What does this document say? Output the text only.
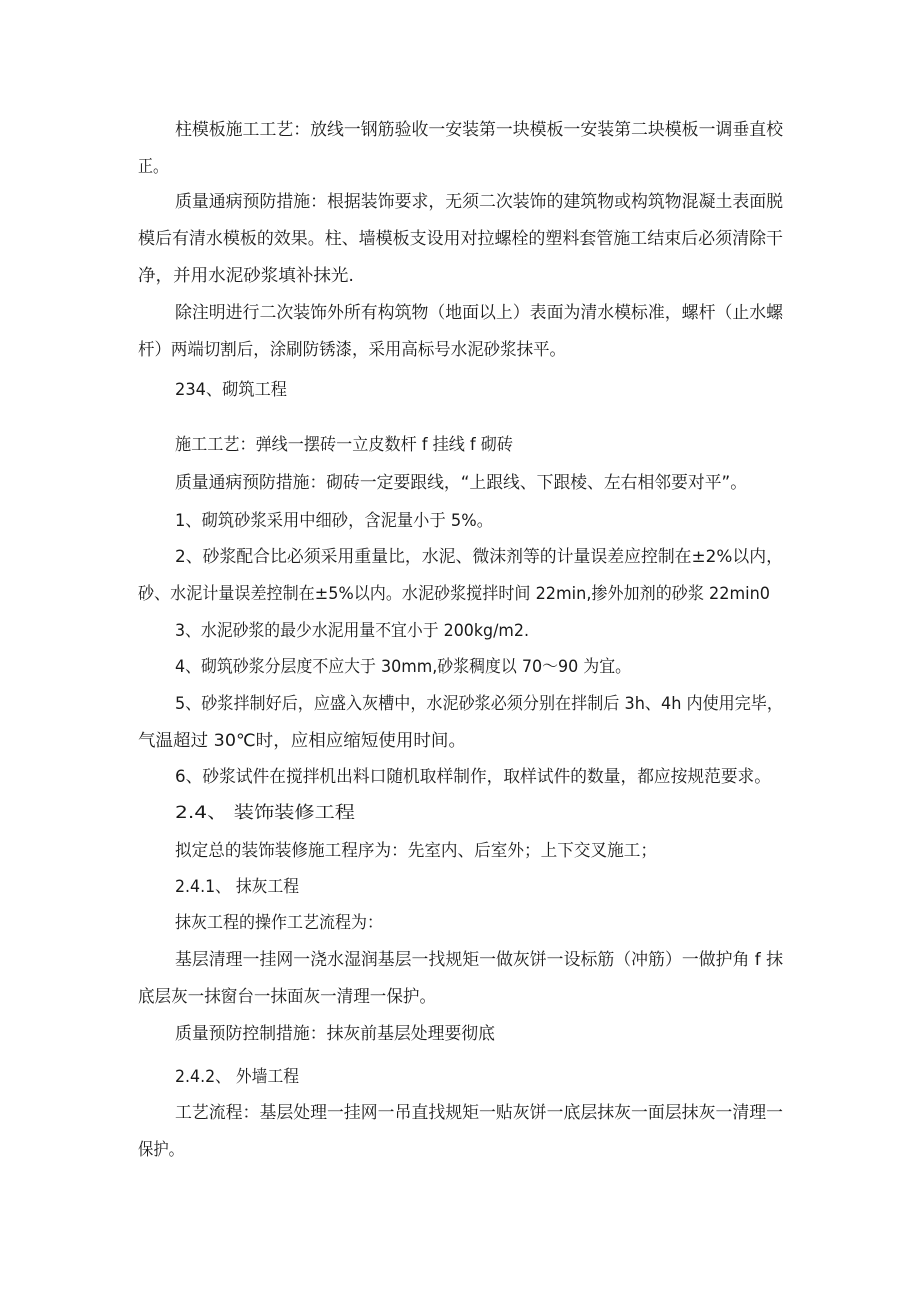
柱模板施工工艺：放线一钢筋验收一安装第一块模板一安装第二块模板一调垂直校
正。
质量通病预防措施：根据装饰要求，无须二次装饰的建筑物或构筑物混凝土表面脱
模后有清水模板的效果。柱、墙模板支设用对拉螺栓的塑料套管施工结束后必须清除干
净，并用水泥砂浆填补抹光.
除注明进行二次装饰外所有构筑物（地面以上）表面为清水模标准，螺杆（止水螺
杆）两端切割后，涂刷防锈漆，采用高标号水泥砂浆抹平。
234、砌筑工程
施工工艺：弹线一摆砖一立皮数杆 f 挂线 f 砌砖
质量通病预防措施：砌砖一定要跟线，“上跟线、下跟棱、左右相邻要对平”。
1、砌筑砂浆采用中细砂，含泥量小于 5%。
2、砂浆配合比必须采用重量比，水泥、微沫剂等的计量误差应控制在±2%以内，
砂、水泥计量误差控制在±5%以内。水泥砂浆搅拌时间 22min,掺外加剂的砂浆 22min0
3、水泥砂浆的最少水泥用量不宜小于 200kg∕m2.
4、砌筑砂浆分层度不应大于 30mm,砂浆稠度以 70～90 为宜。
5、砂浆拌制好后，应盛入灰槽中，水泥砂浆必须分别在拌制后 3h、4h 内使用完毕，
气温超过 30℃时，应相应缩短使用时间。
6、砂浆试件在搅拌机出料口随机取样制作，取样试件的数量，都应按规范要求。
2.4、 装饰装修工程
拟定总的装饰装修施工程序为：先室内、后室外；上下交叉施工；
2.4.1、 抹灰工程
抹灰工程的操作工艺流程为：
基层清理一挂网一浇水湿润基层一找规矩一做灰饼一设标筋（冲筋）一做护角 f 抹
底层灰一抹窗台一抹面灰一清理一保护。
质量预防控制措施：抹灰前基层处理要彻底
2.4.2、 外墙工程
工艺流程：基层处理一挂网一吊直找规矩一贴灰饼一底层抹灰一面层抹灰一清理一
保护。
